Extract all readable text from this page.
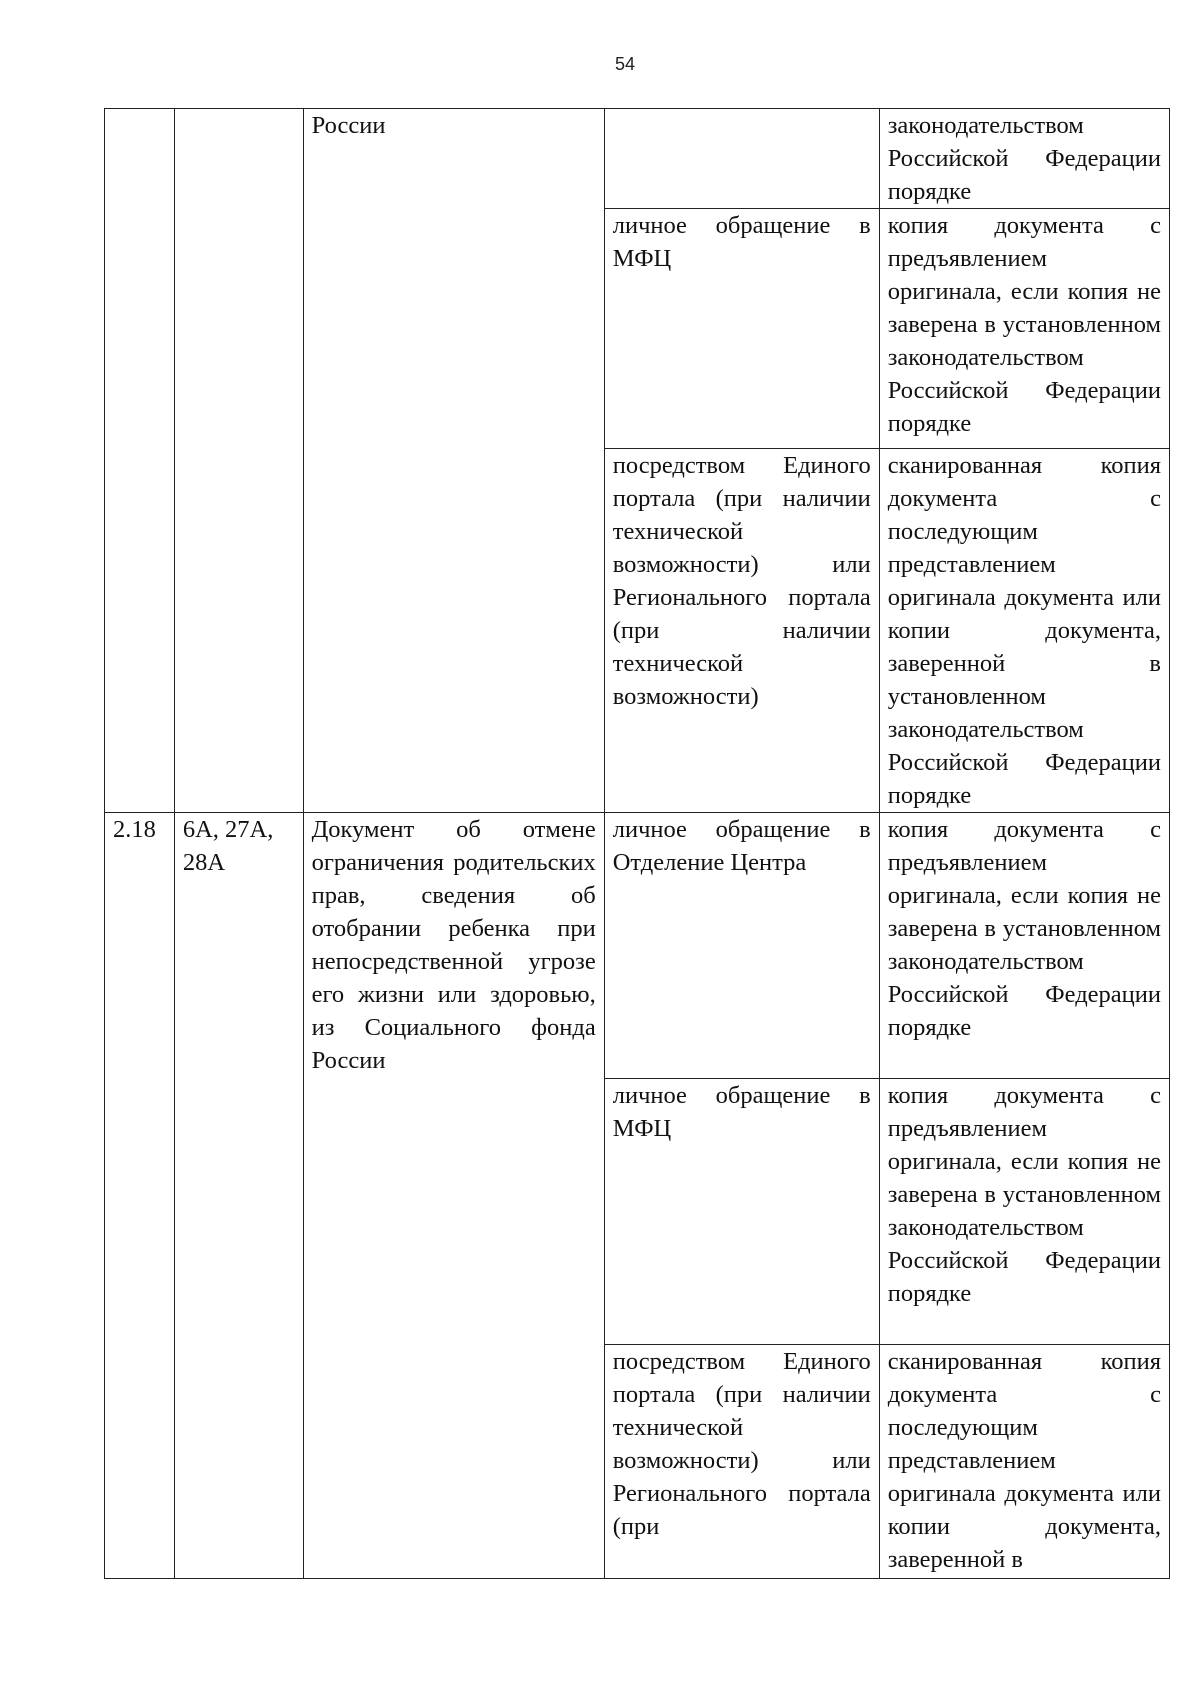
54
		России		законодательством Российской Федерации порядке
			личное обращение в МФЦ	копия документа с предъявлением оригинала, если копия не заверена в установленном законодательством Российской Федерации порядке
			посредством Единого портала (при наличии технической возможности) или Регионального портала (при наличии технической возможности)	сканированная копия документа с последующим представлением оригинала документа или копии документа, заверенной в установленном законодательством Российской Федерации порядке
2.18	6А, 27А, 28А	Документ об отмене ограничения родительских прав, сведения об отобрании ребенка при непосредственной угрозе его жизни или здоровью, из Социального фонда России	личное обращение в Отделение Центра	копия документа с предъявлением оригинала, если копия не заверена в установленном законодательством Российской Федерации порядке
			личное обращение в МФЦ	копия документа с предъявлением оригинала, если копия не заверена в установленном законодательством Российской Федерации порядке
			посредством Единого портала (при наличии технической возможности) или Регионального портала (при	сканированная копия документа с последующим представлением оригинала документа или копии документа, заверенной в
